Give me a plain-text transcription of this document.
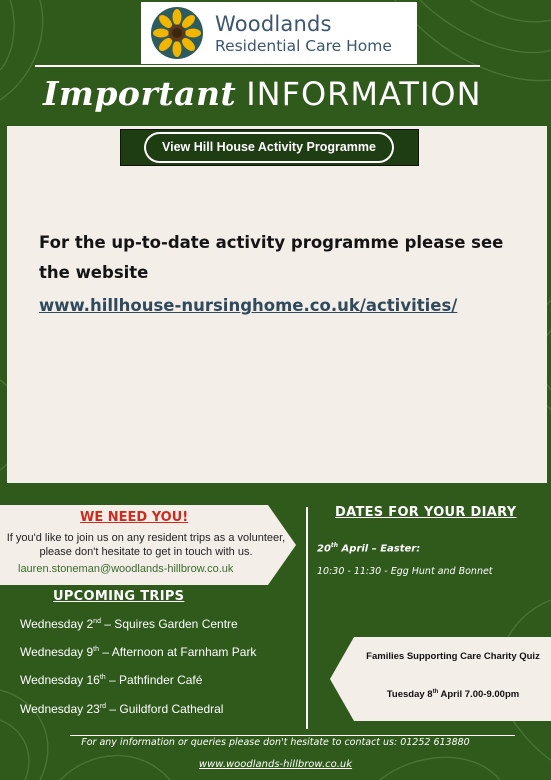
Woodlands
Residential Care Home
Important INFORMATION
View Hill House Activity Programme
For the up-to-date activity programme please see the website
www.hillhouse-nursinghome.co.uk/activities/
WE NEED YOU!
If you'd like to join us on any resident trips as a volunteer, please don't hesitate to get in touch with us.
lauren.stoneman@woodlands-hillbrow.co.uk
UPCOMING TRIPS
Wednesday 2nd – Squires Garden Centre
Wednesday 9th – Afternoon at Farnham Park
Wednesday 16th – Pathfinder Café
Wednesday 23rd – Guildford Cathedral
DATES FOR YOUR DIARY
20th April – Easter:
10:30 - 11:30 - Egg Hunt and Bonnet
Families Supporting Care Charity Quiz
Tuesday 8th April 7.00-9.00pm
For any information or queries please don't hesitate to contact us: 01252 613880
www.woodlands-hillbrow.co.uk
